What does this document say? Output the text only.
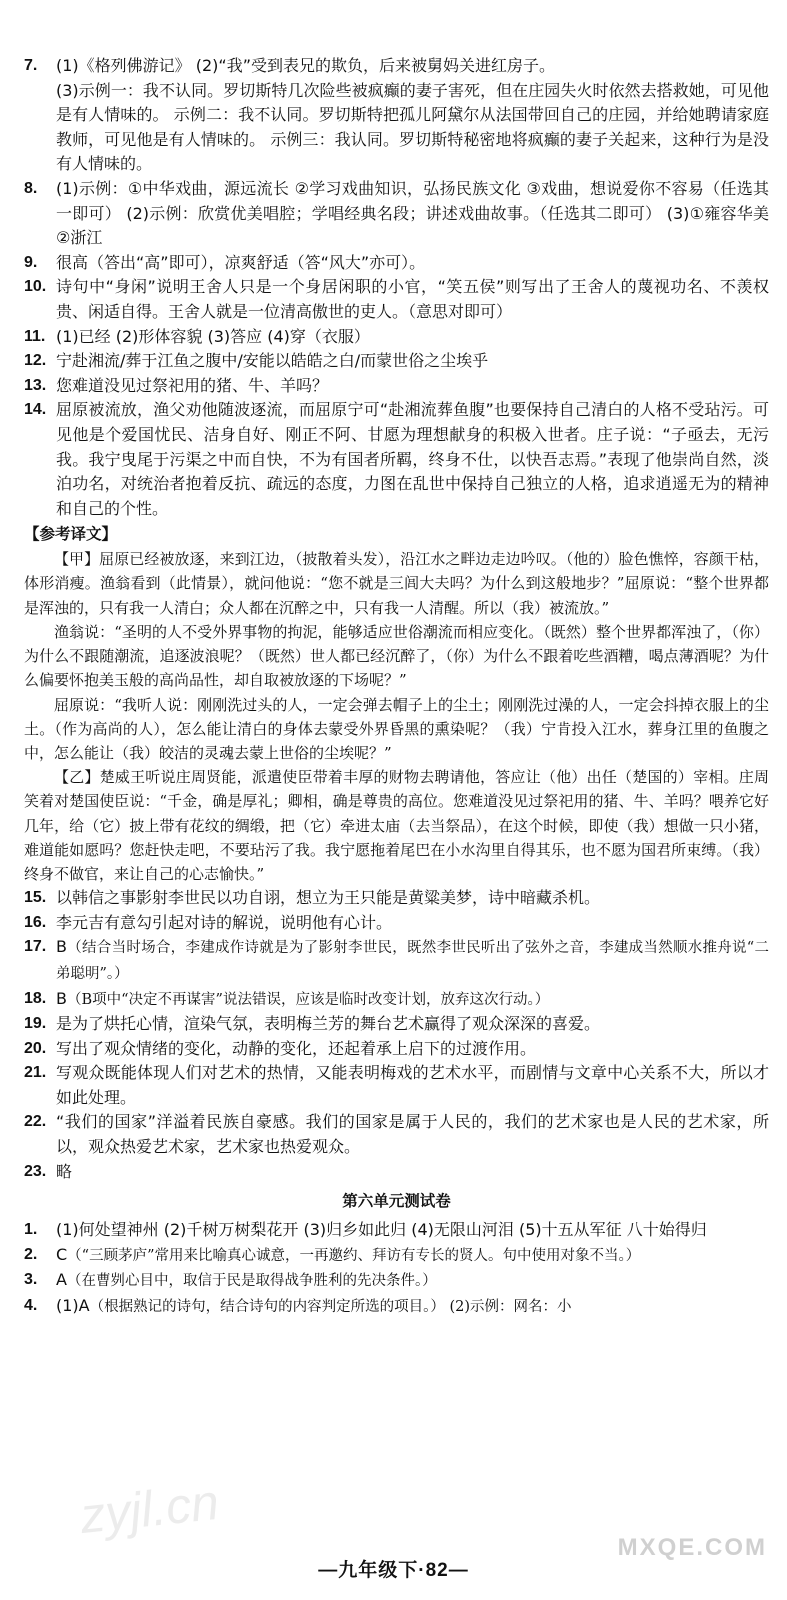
7.	(1)《格列佛游记》 (2)“我”受到表兄的欺负，后来被舅妈关进红房子。

(3)示例一：我不认同。罗切斯特几次险些被疯癫的妻子害死，但在庄园失火时依然去搭救她，可见他是有人情味的。 示例二：我不认同。罗切斯特把孤儿阿黛尔从法国带回自己的庄园，并给她聘请家庭教师，可见他是有人情味的。 示例三：我认同。罗切斯特秘密地将疯癫的妻子关起来，这种行为是没有人情味的。

8.	(1)示例：①中华戏曲，源远流长 ②学习戏曲知识，弘扬民族文化 ③戏曲，想说爱你不容易（任选其一即可） (2)示例：欣赏优美唱腔；学唱经典名段；讲述戏曲故事。（任选其二即可） (3)①雍容华美 ②浙江

9.	很高（答出“高”即可），凉爽舒适（答“风大”亦可）。

10. 诗句中“身闲”说明王舍人只是一个身居闲职的小官，“笑五侯”则写出了王舍人的蔑视功名、不羡权贵、闲适自得。王舍人就是一位清高傲世的吏人。（意思对即可）

11. (1)已经 (2)形体容貌 (3)答应 (4)穿（衣服）

12. 宁赴湘流/葬于江鱼之腹中/安能以皓皓之白/而蒙世俗之尘埃乎

13. 您难道没见过祭祀用的猪、牛、羊吗？

14. 屈原被流放，渔父劝他随波逐流，而屈原宁可“赴湘流葬鱼腹”也要保持自己清白的人格不受玷污。可见他是个爱国忧民、洁身自好、刚正不阿、甘愿为理想献身的积极入世者。庄子说：“子亟去，无污我。我宁曳尾于污渠之中而自快，不为有国者所羁，终身不仕，以快吾志焉。”表现了他崇尚自然，淡泊功名，对统治者抱着反抗、疏远的态度，力图在乱世中保持自己独立的人格，追求逍遥无为的精神和自己的个性。

【参考译文】

【甲】屈原已经被放逐，来到江边，（披散着头发），沿江水之畔边走边吟叹。（他的）脸色憔悴，容颜干枯，体形消瘦。渔翁看到（此情景），就问他说：“您不就是三闾大夫吗？为什么到这般地步？”屈原说：“整个世界都是浑浊的，只有我一人清白；众人都在沉醉之中，只有我一人清醒。所以（我）被流放。”

渔翁说：“圣明的人不受外界事物的拘泥，能够适应世俗潮流而相应变化。（既然）整个世界都浑浊了，（你）为什么不跟随潮流，追逐波浪呢？（既然）世人都已经沉醉了，（你）为什么不跟着吃些酒糟，喝点薄酒呢？为什么偏要怀抱美玉般的高尚品性，却自取被放逐的下场呢？”

屈原说：“我听人说：刚刚洗过头的人，一定会弹去帽子上的尘土；刚刚洗过澡的人，一定会抖掉衣服上的尘土。（作为高尚的人），怎么能让清白的身体去蒙受外界昏黑的熏染呢？（我）宁肯投入江水，葬身江里的鱼腹之中，怎么能让（我）皎洁的灵魂去蒙上世俗的尘埃呢？”

【乙】楚威王听说庄周贤能，派遣使臣带着丰厚的财物去聘请他，答应让（他）出任（楚国的）宰相。庄周笑着对楚国使臣说：“千金，确是厚礼；卿相，确是尊贵的高位。您难道没见过祭祀用的猪、牛、羊吗？喂养它好几年，给（它）披上带有花纹的绸缎，把（它）牵进太庙（去当祭品），在这个时候，即使（我）想做一只小猪，难道能如愿吗？您赶快走吧，不要玷污了我。我宁愿拖着尾巴在小水沟里自得其乐，也不愿为国君所束缚。（我）终身不做官，来让自己的心志愉快。”

15. 以韩信之事影射李世民以功自诩，想立为王只能是黄粱美梦，诗中暗藏杀机。
16. 李元吉有意勾引起对诗的解说，说明他有心计。
17. B（结合当时场合，李建成作诗就是为了影射李世民，既然李世民听出了弦外之音，李建成当然顺水推舟说“二弟聪明”。）
18. B（B项中“决定不再谋害”说法错误，应该是临时改变计划，放弃这次行动。）
19. 是为了烘托心情，渲染气氛，表明梅兰芳的舞台艺术赢得了观众深深的喜爱。
20. 写出了观众情绪的变化，动静的变化，还起着承上启下的过渡作用。
21. 写观众既能体现人们对艺术的热情，又能表明梅戏的艺术水平，而剧情与文章中心关系不大，所以才如此处理。
22. “我们的国家”洋溢着民族自豪感。我们的国家是属于人民的，我们的艺术家也是人民的艺术家，所以，观众热爱艺术家，艺术家也热爱观众。
23. 略
第六单元测试卷
1.	(1)何处望神州 (2)千树万树梨花开 (3)归乡如此归 (4)无限山河泪 (5)十五从军征 八十始得归
2.	C（“三顾茅庐”常用来比喻真心诚意，一再邀约、拜访有专长的贤人。句中使用对象不当。）
3.	A（在曹刿心目中，取信于民是取得战争胜利的先决条件。）
4.	(1)A（根据熟记的诗句，结合诗句的内容判定所选的项目。） (2)示例：网名：小
zyjl.cn
—九年级下·82—
MXQE.COM
